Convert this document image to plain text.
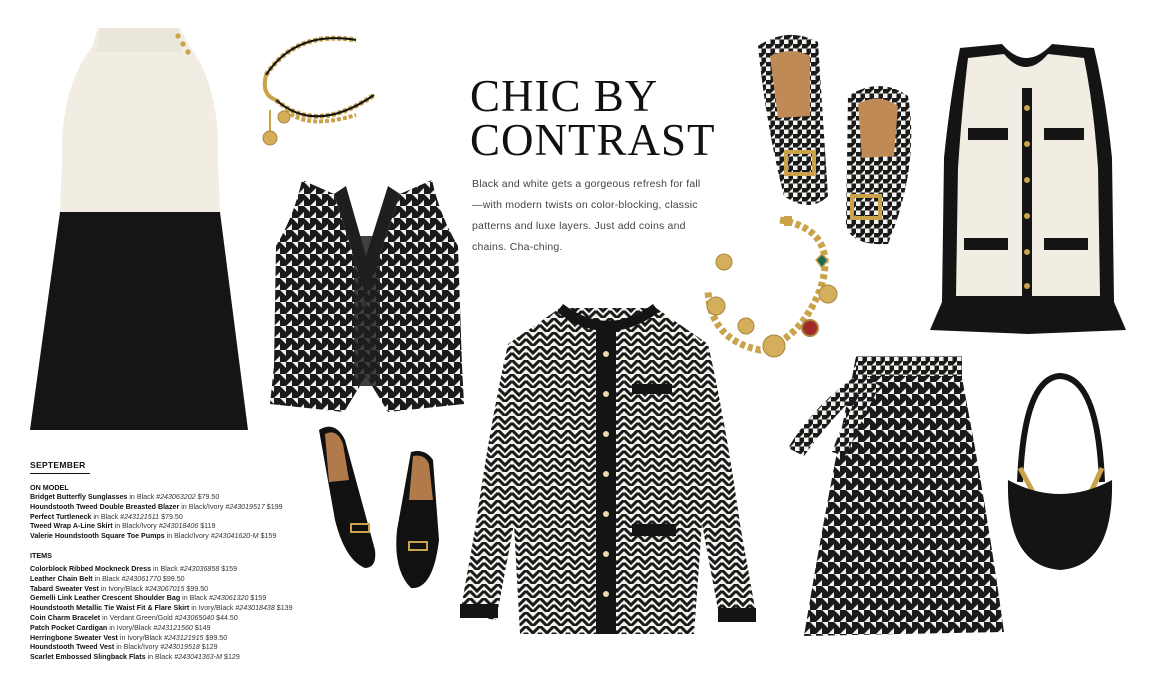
CHIC BY
CONTRAST
Black and white gets a gorgeous refresh for fall—with modern twists on color-blocking, classic patterns and luxe layers. Just add coins and chains. Cha-ching.
SEPTEMBER
ON MODEL
Bridget Butterfly Sunglasses in Black #243063202 $79.50
Houndstooth Tweed Double Breasted Blazer in Black/Ivory #243019517 $199
Perfect Turtleneck in Black #243121511 $79.50
Tweed Wrap A-Line Skirt in Black/Ivory #243018406 $119
Valerie Houndstooth Square Toe Pumps in Black/Ivory #243041620-M $159
ITEMS
Colorblock Ribbed Mockneck Dress in Black #243036858 $159
Leather Chain Belt in Black #243061770 $99.50
Tabard Sweater Vest in Ivory/Black #243067015 $99.50
Gemelli Link Leather Crescent Shoulder Bag in Black #243061320 $159
Houndstooth Metallic Tie Waist Fit & Flare Skirt in Ivory/Black #243018438 $139
Coin Charm Bracelet in Verdant Green/Gold #243065040 $44.50
Patch Pocket Cardigan in Ivory/Black #243121560 $149
Herringbone Sweater Vest in Ivory/Black #243121915 $99.50
Houndstooth Tweed Vest in Black/Ivory #243019518 $129
Scarlet Embossed Slingback Flats in Black #243041363-M $129
